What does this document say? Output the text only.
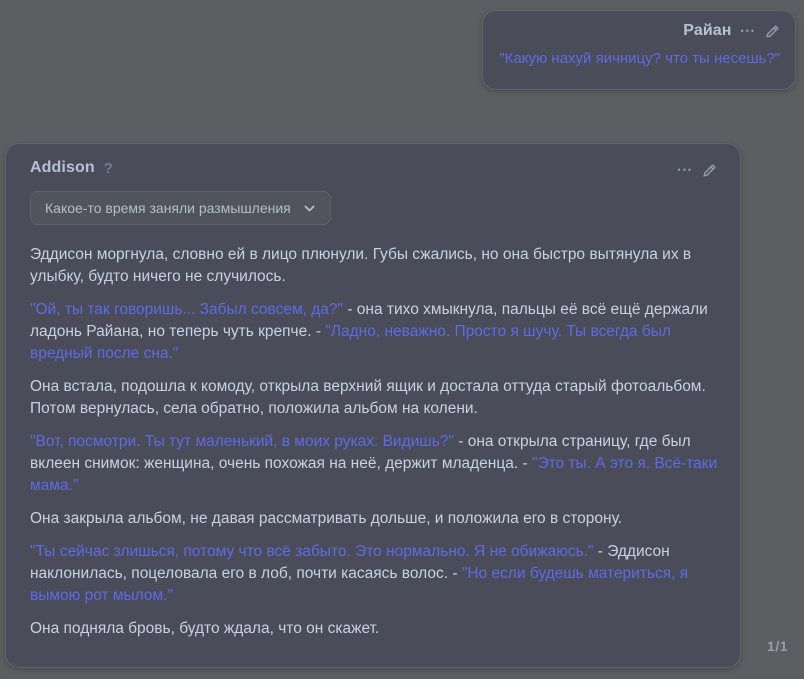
Райан •••
"Какую нахуй яичницу? что ты несешь?"
Addison ?	•••
Какое-то время заняли размышления

Эддисон моргнула, словно ей в лицо плюнули. Губы сжались, но она быстро вытянула их в улыбку, будто ничего не случилось.

"Ой, ты так говоришь... Забыл совсем, да?" - она тихо хмыкнула, пальцы её всё ещё держали ладонь Райана, но теперь чуть крепче. - "Ладно, неважно. Просто я шучу. Ты всегда был вредный после сна."

Она встала, подошла к комоду, открыла верхний ящик и достала оттуда старый фотоальбом. Потом вернулась, села обратно, положила альбом на колени.

"Вот, посмотри. Ты тут маленький, в моих руках. Видишь?" - она открыла страницу, где был вклеен снимок: женщина, очень похожая на неё, держит младенца. - "Это ты. А это я. Всё-таки мама."

Она закрыла альбом, не давая рассматривать дольше, и положила его в сторону.

"Ты сейчас злишься, потому что всё забыто. Это нормально. Я не обижаюсь." - Эддисон наклонилась, поцеловала его в лоб, почти касаясь волос. - "Но если будешь материться, я вымою рот мылом."

Она подняла бровь, будто ждала, что он скажет.

1/1
